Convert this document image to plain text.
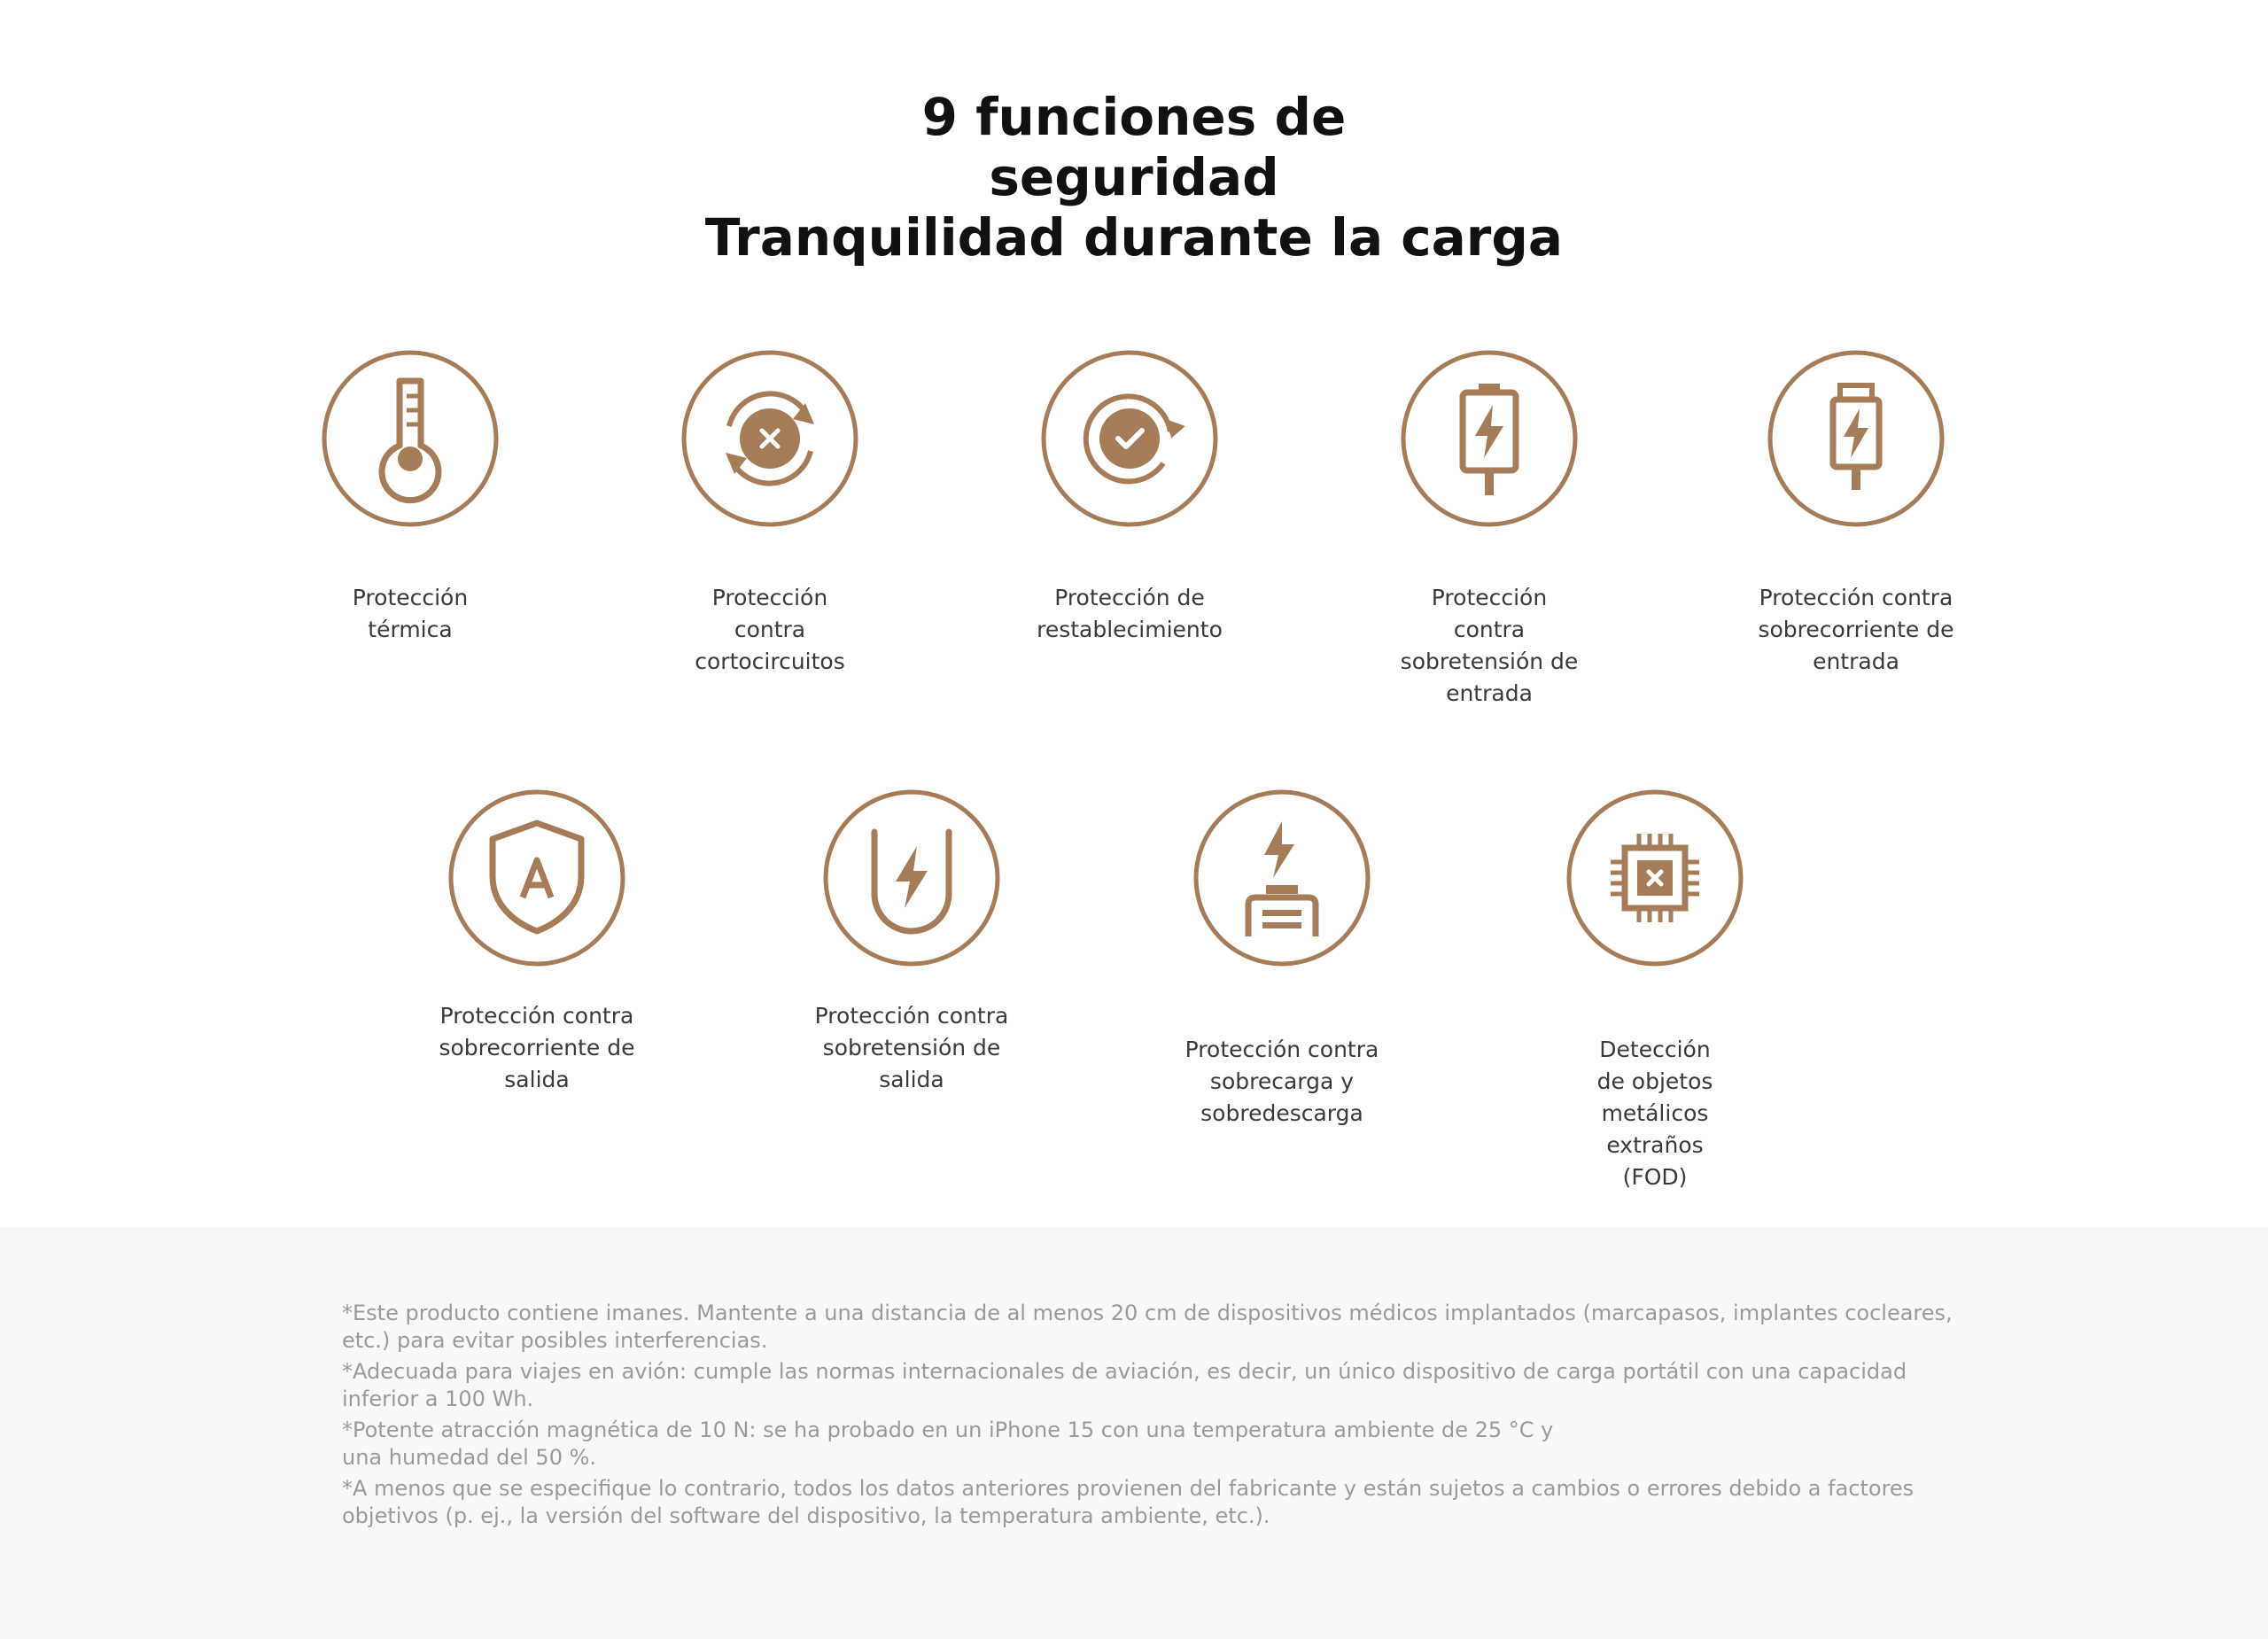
9 funciones de
seguridad
Tranquilidad durante la carga
Protección
térmica
Protección
contra
cortocircuitos
Protección de
restablecimiento
Protección
contra
sobretensión de
entrada
Protección contra
sobrecorriente de
entrada
Protección contra
sobrecorriente de
salida
Protección contra
sobretensión de
salida
Protección contra
sobrecarga y
sobredescarga
Detección
de objetos
metálicos
extraños
(FOD)

*Este producto contiene imanes. Mantente a una distancia de al menos 20 cm de dispositivos médicos implantados (marcapasos, implantes cocleares, etc.) para evitar posibles interferencias.

*Adecuada para viajes en avión: cumple las normas internacionales de aviación, es decir, un único dispositivo de carga portátil con una capacidad inferior a 100 Wh.

*Potente atracción magnética de 10 N: se ha probado en un iPhone 15 con una temperatura ambiente de 25 °C y
una humedad del 50 %.

*A menos que se especifique lo contrario, todos los datos anteriores provienen del fabricante y están sujetos a cambios o errores debido a factores objetivos (p. ej., la versión del software del dispositivo, la temperatura ambiente, etc.).
